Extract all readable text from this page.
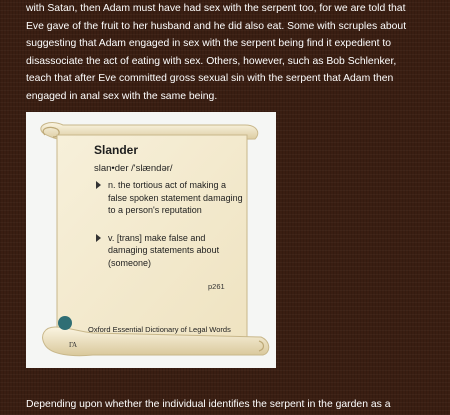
with Satan, then Adam must have had sex with the serpent too, for we are told that

Eve gave of the fruit to her husband and he did also eat. Some with scruples about

suggesting that Adam engaged in sex with the serpent being find it expedient to

disassociate the act of eating with sex. Others, however, such as Bob Schlenker,

teach that after Eve committed gross sexual sin with the serpent that Adam then

engaged in anal sex with the same being.

Slander
slan•der /'slændər/
n. the tortious act of making a false spoken statement damaging to a person's reputation
v. [trans] make false and damaging statements about (someone)
p261
ΓΑ
Oxford Essential Dictionary of Legal Words

Depending upon whether the individual identifies the serpent in the garden as a
